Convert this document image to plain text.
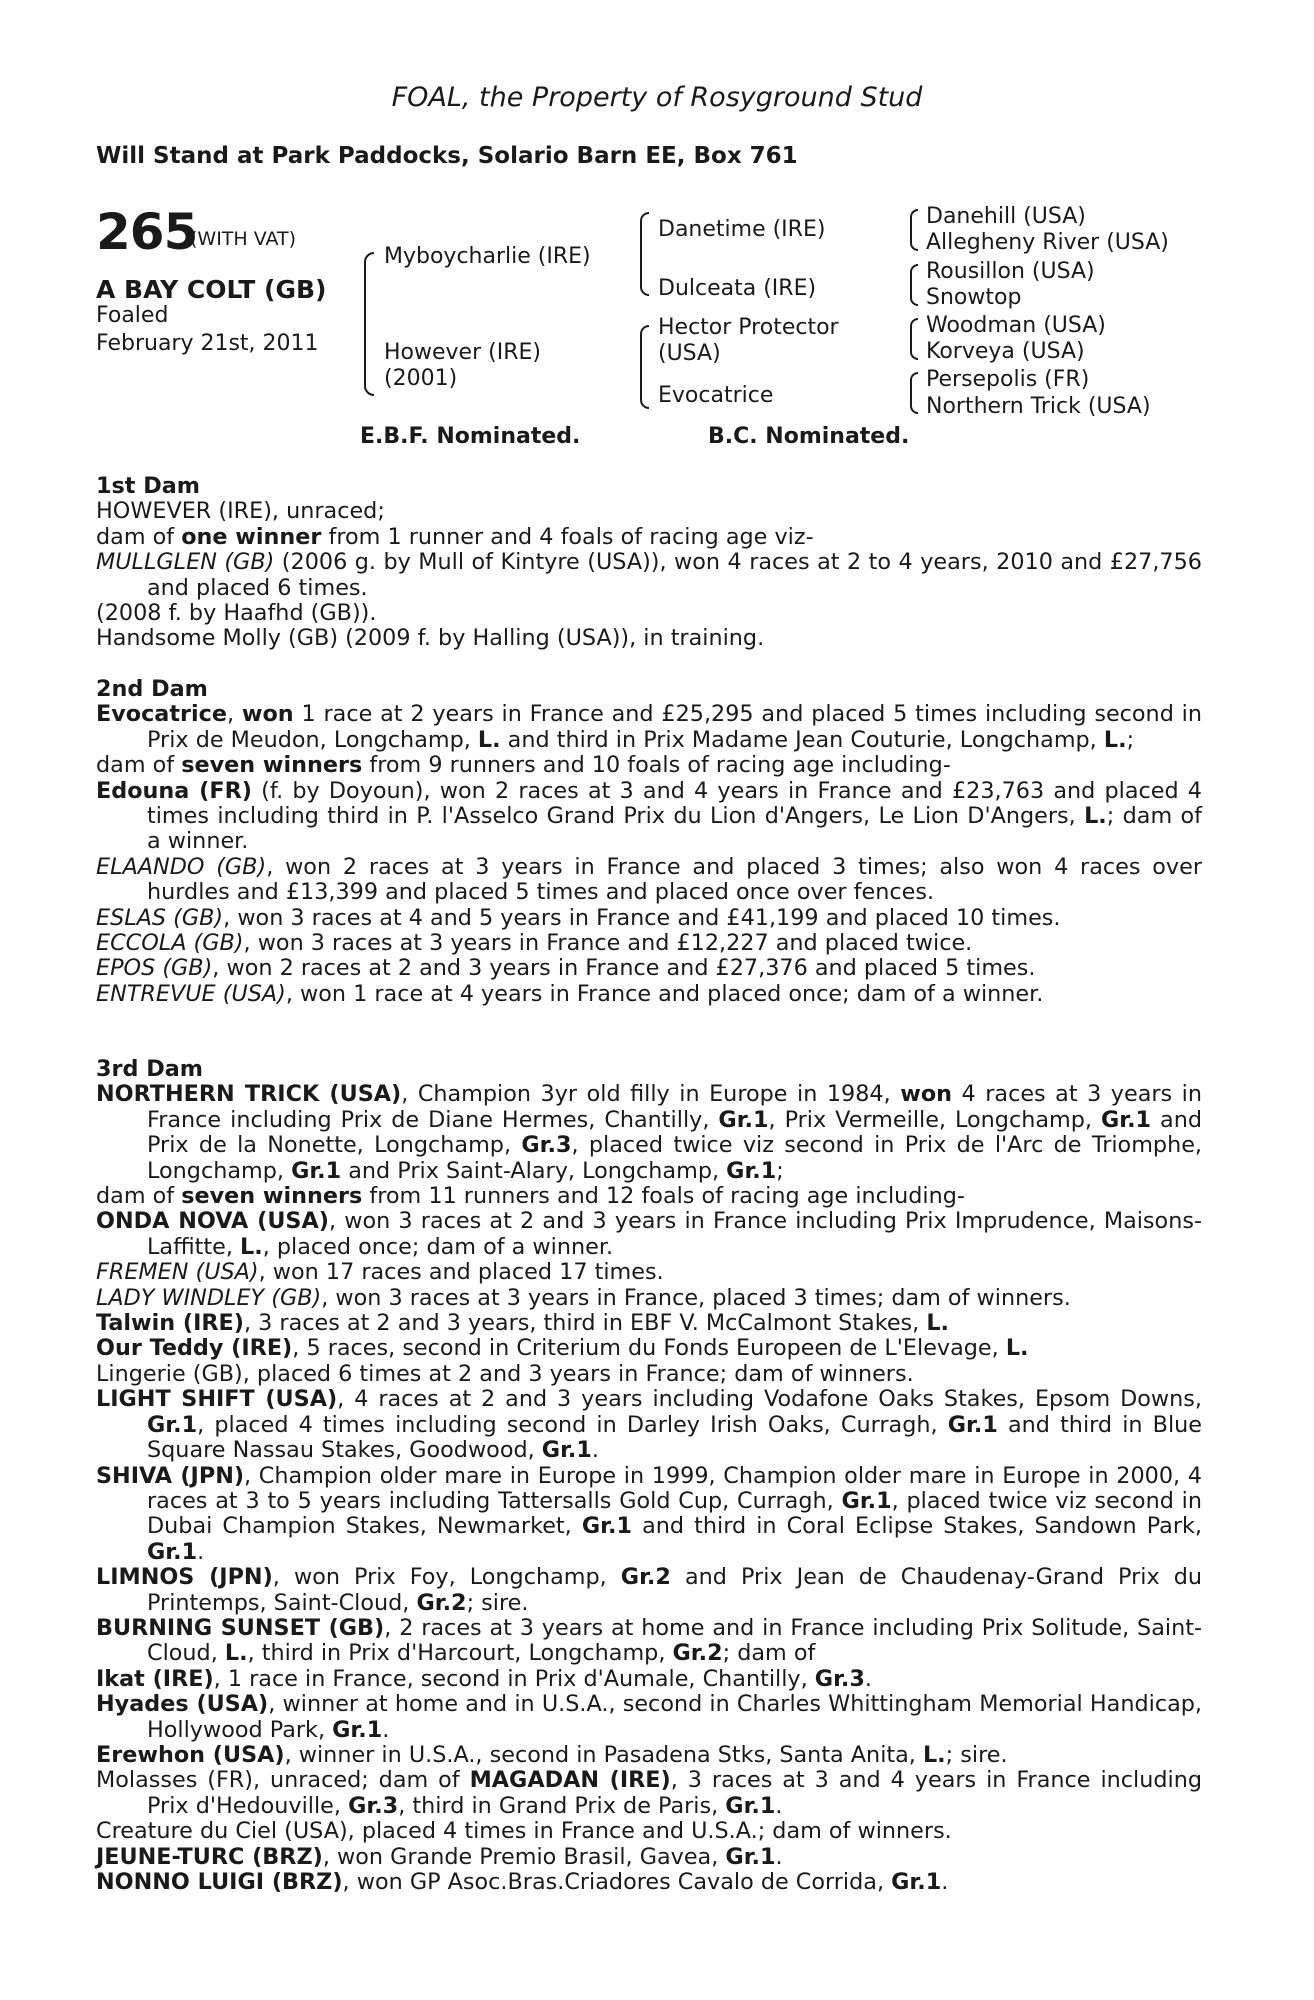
FOAL, the Property of Rosyground Stud
Will Stand at Park Paddocks, Solario Barn EE, Box 761
265
(WITH VAT)
A BAY COLT (GB)
Foaled
February 21st, 2011
Myboycharlie (IRE)
However (IRE)
(2001)
Danetime (IRE)
Dulceata (IRE)
Hector Protector
(USA)
Evocatrice
Danehill (USA)
Allegheny River (USA)
Rousillon (USA)
Snowtop
Woodman (USA)
Korveya (USA)
Persepolis (FR)
Northern Trick (USA)
E.B.F. Nominated.	B.C. Nominated.

1st Dam

HOWEVER (IRE), unraced;

dam of one winner from 1 runner and 4 foals of racing age viz-

MULLGLEN (GB) (2006 g. by Mull of Kintyre (USA)), won 4 races at 2 to 4 years, 2010 and £27,756 and placed 6 times.

(2008 f. by Haafhd (GB)).

Handsome Molly (GB) (2009 f. by Halling (USA)), in training.

2nd Dam

Evocatrice, won 1 race at 2 years in France and £25,295 and placed 5 times including second in Prix de Meudon, Longchamp, L. and third in Prix Madame Jean Couturie, Longchamp, L.;

dam of seven winners from 9 runners and 10 foals of racing age including-

Edouna (FR) (f. by Doyoun), won 2 races at 3 and 4 years in France and £23,763 and placed 4 times including third in P. l'Asselco Grand Prix du Lion d'Angers, Le Lion D'Angers, L.; dam of a winner.

ELAANDO (GB), won 2 races at 3 years in France and placed 3 times; also won 4 races over hurdles and £13,399 and placed 5 times and placed once over fences.

ESLAS (GB), won 3 races at 4 and 5 years in France and £41,199 and placed 10 times.

ECCOLA (GB), won 3 races at 3 years in France and £12,227 and placed twice.

EPOS (GB), won 2 races at 2 and 3 years in France and £27,376 and placed 5 times.

ENTREVUE (USA), won 1 race at 4 years in France and placed once; dam of a winner.

3rd Dam

NORTHERN TRICK (USA), Champion 3yr old filly in Europe in 1984, won 4 races at 3 years in France including Prix de Diane Hermes, Chantilly, Gr.1, Prix Vermeille, Longchamp, Gr.1 and Prix de la Nonette, Longchamp, Gr.3, placed twice viz second in Prix de l'Arc de Triomphe, Longchamp, Gr.1 and Prix Saint-Alary, Longchamp, Gr.1;

dam of seven winners from 11 runners and 12 foals of racing age including-

ONDA NOVA (USA), won 3 races at 2 and 3 years in France including Prix Imprudence, Maisons-Laffitte, L., placed once; dam of a winner.

FREMEN (USA), won 17 races and placed 17 times.

LADY WINDLEY (GB), won 3 races at 3 years in France, placed 3 times; dam of winners.

Talwin (IRE), 3 races at 2 and 3 years, third in EBF V. McCalmont Stakes, L.

Our Teddy (IRE), 5 races, second in Criterium du Fonds Europeen de L'Elevage, L.

Lingerie (GB), placed 6 times at 2 and 3 years in France; dam of winners.

LIGHT SHIFT (USA), 4 races at 2 and 3 years including Vodafone Oaks Stakes, Epsom Downs, Gr.1, placed 4 times including second in Darley Irish Oaks, Curragh, Gr.1 and third in Blue Square Nassau Stakes, Goodwood, Gr.1.

SHIVA (JPN), Champion older mare in Europe in 1999, Champion older mare in Europe in 2000, 4 races at 3 to 5 years including Tattersalls Gold Cup, Curragh, Gr.1, placed twice viz second in Dubai Champion Stakes, Newmarket, Gr.1 and third in Coral Eclipse Stakes, Sandown Park, Gr.1.

LIMNOS (JPN), won Prix Foy, Longchamp, Gr.2 and Prix Jean de Chaudenay-Grand Prix du Printemps, Saint-Cloud, Gr.2; sire.

BURNING SUNSET (GB), 2 races at 3 years at home and in France including Prix Solitude, Saint-Cloud, L., third in Prix d'Harcourt, Longchamp, Gr.2; dam of

Ikat (IRE), 1 race in France, second in Prix d'Aumale, Chantilly, Gr.3.

Hyades (USA), winner at home and in U.S.A., second in Charles Whittingham Memorial Handicap, Hollywood Park, Gr.1.

Erewhon (USA), winner in U.S.A., second in Pasadena Stks, Santa Anita, L.; sire.

Molasses (FR), unraced; dam of MAGADAN (IRE), 3 races at 3 and 4 years in France including Prix d'Hedouville, Gr.3, third in Grand Prix de Paris, Gr.1.

Creature du Ciel (USA), placed 4 times in France and U.S.A.; dam of winners.

JEUNE-TURC (BRZ), won Grande Premio Brasil, Gavea, Gr.1.

NONNO LUIGI (BRZ), won GP Asoc.Bras.Criadores Cavalo de Corrida, Gr.1.
